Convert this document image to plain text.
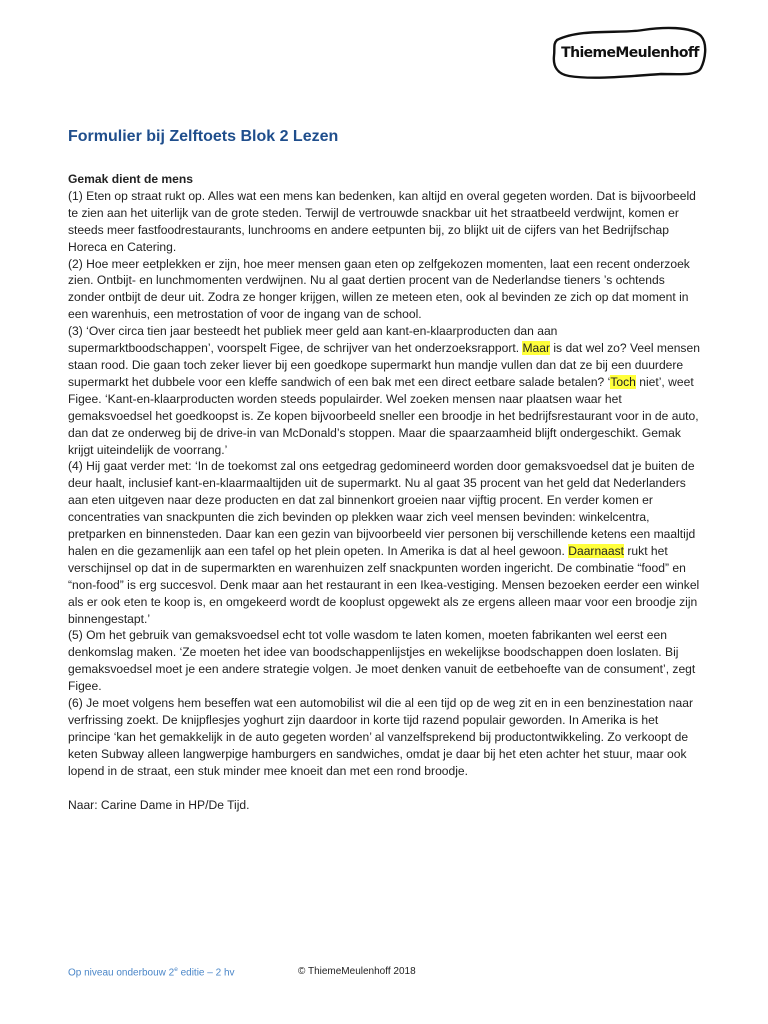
ThiemeMeulenhoff
Formulier bij Zelftoets Blok 2 Lezen

Gemak dient de mens

(1) Eten op straat rukt op. Alles wat een mens kan bedenken, kan altijd en overal gegeten worden. Dat is bijvoorbeeld te zien aan het uiterlijk van de grote steden. Terwijl de vertrouwde snackbar uit het straatbeeld verdwijnt, komen er steeds meer fastfoodrestaurants, lunchrooms en andere eetpunten bij, zo blijkt uit de cijfers van het Bedrijfschap Horeca en Catering.

(2) Hoe meer eetplekken er zijn, hoe meer mensen gaan eten op zelfgekozen momenten, laat een recent onderzoek zien. Ontbijt- en lunchmomenten verdwijnen. Nu al gaat dertien procent van de Nederlandse tieners ’s ochtends zonder ontbijt de deur uit. Zodra ze honger krijgen, willen ze meteen eten, ook al bevinden ze zich op dat moment in een warenhuis, een metrostation of voor de ingang van de school.

(3) ‘Over circa tien jaar besteedt het publiek meer geld aan kant-en-klaarproducten dan aan supermarktboodschappen’, voorspelt Figee, de schrijver van het onderzoeksrapport. Maar is dat wel zo? Veel mensen staan rood. Die gaan toch zeker liever bij een goedkope supermarkt hun mandje vullen dan dat ze bij een duurdere supermarkt het dubbele voor een kleffe sandwich of een bak met een direct eetbare salade betalen? ‘Toch niet’, weet Figee. ‘Kant-en-klaarproducten worden steeds populairder. Wel zoeken mensen naar plaatsen waar het gemaksvoedsel het goedkoopst is. Ze kopen bijvoorbeeld sneller een broodje in het bedrijfsrestaurant voor in de auto, dan dat ze onderweg bij de drive-in van McDonald’s stoppen. Maar die spaarzaamheid blijft ondergeschikt. Gemak krijgt uiteindelijk de voorrang.’

(4) Hij gaat verder met: ‘In de toekomst zal ons eetgedrag gedomineerd worden door gemaksvoedsel dat je buiten de deur haalt, inclusief kant-en-klaarmaaltijden uit de supermarkt. Nu al gaat 35 procent van het geld dat Nederlanders aan eten uitgeven naar deze producten en dat zal binnenkort groeien naar vijftig procent. En verder komen er concentraties van snackpunten die zich bevinden op plekken waar zich veel mensen bevinden: winkelcentra, pretparken en binnensteden. Daar kan een gezin van bijvoorbeeld vier personen bij verschillende ketens een maaltijd halen en die gezamenlijk aan een tafel op het plein opeten. In Amerika is dat al heel gewoon. Daarnaast rukt het verschijnsel op dat in de supermarkten en warenhuizen zelf snackpunten worden ingericht. De combinatie “food” en “non-food” is erg succesvol. Denk maar aan het restaurant in een Ikea-vestiging. Mensen bezoeken eerder een winkel als er ook eten te koop is, en omgekeerd wordt de kooplust opgewekt als ze ergens alleen maar voor een broodje zijn binnengestapt.’

(5) Om het gebruik van gemaksvoedsel echt tot volle wasdom te laten komen, moeten fabrikanten wel eerst een denkomslag maken. ‘Ze moeten het idee van boodschappenlijstjes en wekelijkse boodschappen doen loslaten. Bij gemaksvoedsel moet je een andere strategie volgen. Je moet denken vanuit de eetbehoefte van de consument’, zegt Figee.

(6) Je moet volgens hem beseffen wat een automobilist wil die al een tijd op de weg zit en in een benzinestation naar verfrissing zoekt. De knijpflesjes yoghurt zijn daardoor in korte tijd razend populair geworden. In Amerika is het principe ‘kan het gemakkelijk in de auto gegeten worden’ al vanzelfsprekend bij productontwikkeling. Zo verkoopt de keten Subway alleen langwerpige hamburgers en sandwiches, omdat je daar bij het eten achter het stuur, maar ook lopend in de straat, een stuk minder mee knoeit dan met een rond broodje.

Naar: Carine Dame in HP/De Tijd.

Op niveau onderbouw 2e editie – 2 hv	© ThiemeMeulenhoff 2018
